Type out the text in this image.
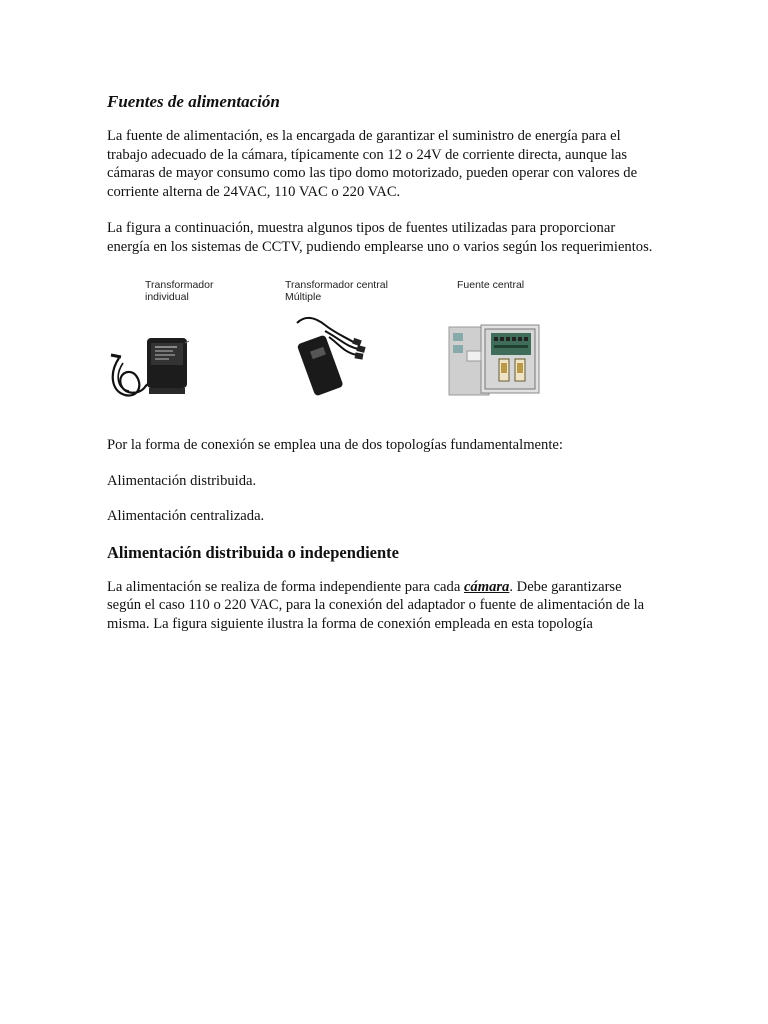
Fuentes de alimentación

La fuente de alimentación, es la encargada de garantizar el suministro de energía para el trabajo adecuado de la cámara, típicamente con 12 o 24V de corriente directa, aunque las cámaras de mayor consumo como las tipo domo motorizado, pueden operar con valores de corriente alterna de 24VAC, 110 VAC o 220 VAC.

La figura a continuación, muestra algunos tipos de fuentes utilizadas para proporcionar energía en los sistemas de CCTV, pudiendo emplearse uno o varios según los requerimientos.

Transformador
individual
Transformador central
Múltiple
Fuente central

Por la forma de conexión se emplea una de dos topologías fundamentalmente:

Alimentación distribuida.

Alimentación centralizada.

Alimentación distribuida o independiente

La alimentación se realiza de forma independiente para cada cámara. Debe garantizarse según el caso 110 o 220 VAC, para la conexión del adaptador o fuente de alimentación de la misma. La figura siguiente ilustra la forma de conexión empleada en esta topología
